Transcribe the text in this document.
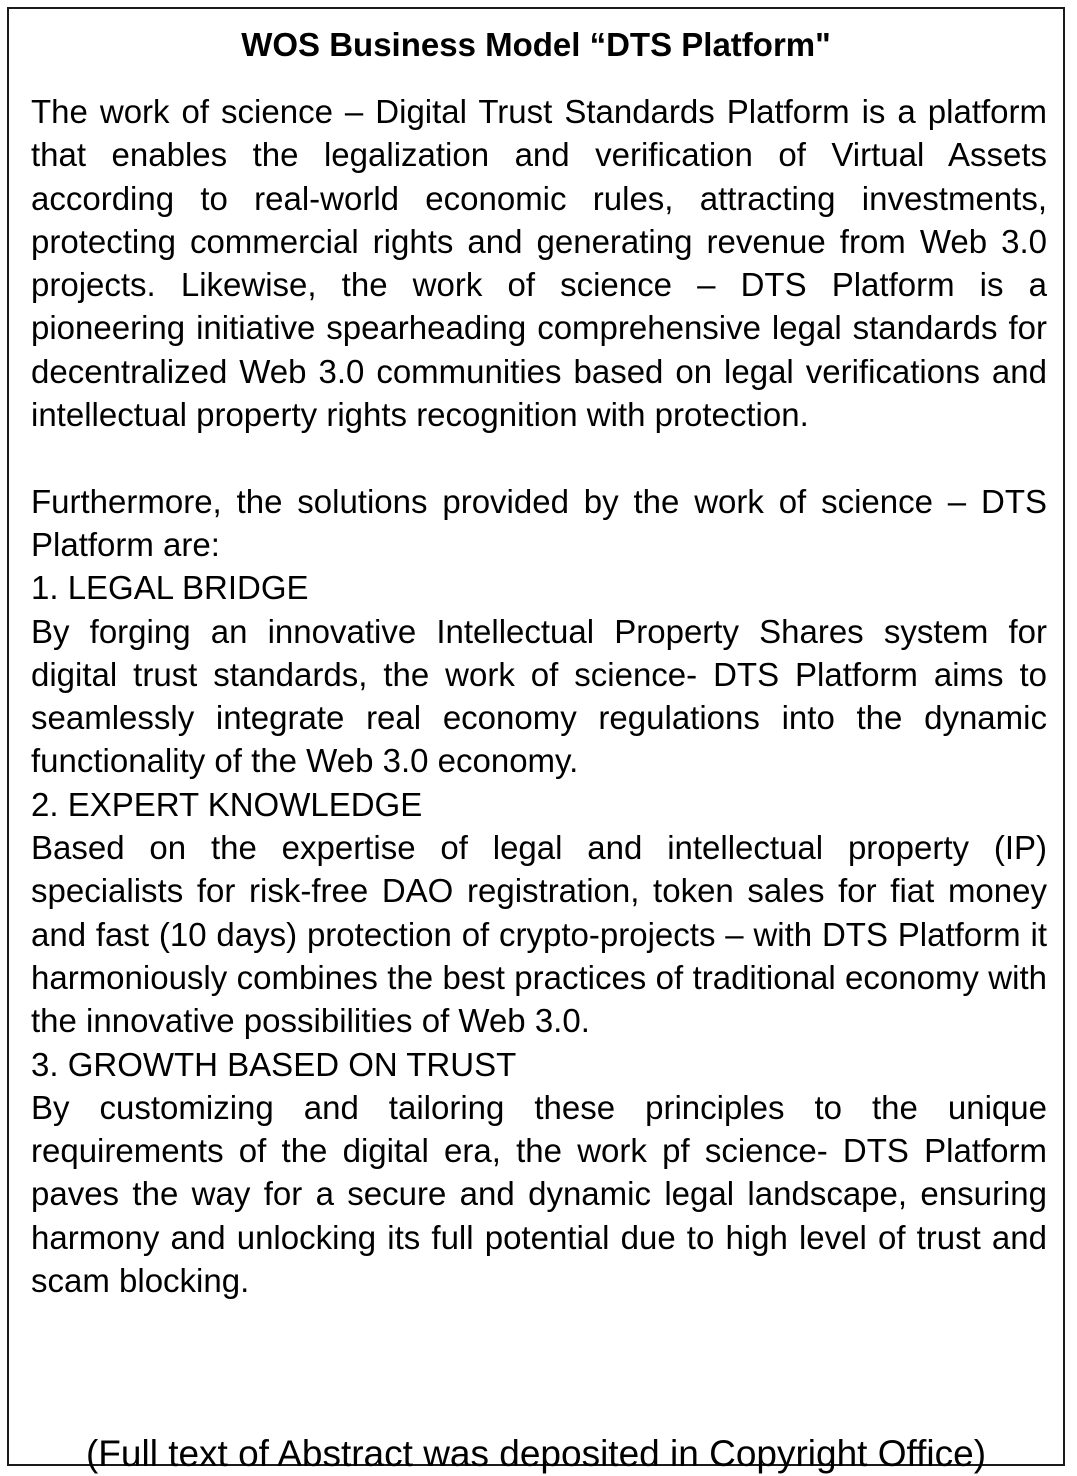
WOS Business Model “DTS Platform"

The work of science – Digital Trust Standards Platform is a platform that enables the legalization and verification of Virtual Assets according to real-world economic rules, attracting investments, protecting commercial rights and generating revenue from Web 3.0 projects. Likewise, the work of science – DTS Platform is a pioneering initiative spearheading comprehensive legal standards for decentralized Web 3.0 communities based on legal verifications and intellectual property rights recognition with protection.

Furthermore, the solutions provided by the work of science – DTS Platform are:

1. LEGAL BRIDGE

By forging an innovative Intellectual Property Shares system for digital trust standards, the work of science- DTS Platform aims to seamlessly integrate real economy regulations into the dynamic functionality of the Web 3.0 economy.

2. EXPERT KNOWLEDGE

Based on the expertise of legal and intellectual property (IP) specialists for risk-free DAO registration, token sales for fiat money and fast (10 days) protection of crypto-projects – with DTS Platform it harmoniously combines the best practices of traditional economy with the innovative possibilities of Web 3.0.

3. GROWTH BASED ON TRUST

By customizing and tailoring these principles to the unique requirements of the digital era, the work pf science- DTS Platform paves the way for a secure and dynamic legal landscape, ensuring harmony and unlocking its full potential due to high level of trust and scam blocking.

(Full text of Abstract was deposited in Copyright Office)
